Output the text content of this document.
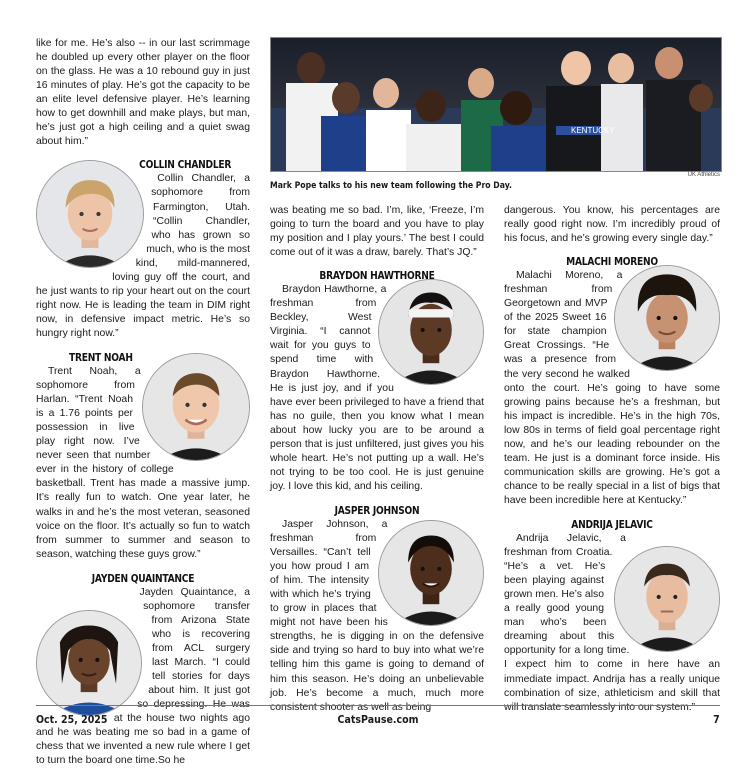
like for me. He’s also -- in our last scrimmage he doubled up every other player on the floor on the glass. He was a 10 rebound guy in just 16 minutes of play. He’s got the capacity to be an elite level defensive player. He’s learning how to get downhill and make plays, but man, he’s just got a high ceiling and a quiet swag about him.”

COLLIN CHANDLER

Collin Chandler, a sophomore from Farmington, Utah. “Collin Chandler, who has grown so much, who is the most kind, mild-mannered, loving guy off the court, and he just wants to rip your heart out on the court right now. He is leading the team in DIM right now, in defensive impact metric. He’s so hungry right now.”

TRENT NOAH

Trent Noah, a sophomore from Harlan. “Trent Noah is a 1.76 points per possession in live play right now. I’ve never seen that number ever in the history of college basketball. Trent has made a massive jump. It’s really fun to watch. One year later, he walks in and he’s the most veteran, seasoned voice on the floor. It’s actually so fun to watch from summer to summer and season to season, watching these guys grow.”

JAYDEN QUAINTANCE

Jayden Quaintance, a sophomore transfer from Arizona State who is recovering from ACL surgery last March. “I could tell stories for days about him. It just got so depressing. He was at the house two nights ago and he was beating me so bad in a game of chess that we invented a new rule where I get to turn the board one time.So he

KENTUCKY
UK Athletics
Mark Pope talks to his new team following the Pro Day.

was beating me so bad. I’m, like, ‘Freeze, I’m going to turn the board and you have to play my position and I play yours.’ The best I could come out of it was a draw, barely. That’s JQ.”

BRAYDON HAWTHORNE

Braydon Hawthorne, a freshman from Beckley, West Virginia. “I cannot wait for you guys to spend time with Braydon Hawthorne. He is just joy, and if you have ever been privileged to have a friend that has no guile, then you know what I mean about how lucky you are to be around a person that is just unfiltered, just gives you his whole heart. He’s not putting up a wall. He’s not trying to be too cool. He is just genuine joy. I love this kid, and his ceiling.

JASPER JOHNSON

Jasper Johnson, a freshman from Versailles. “Can’t tell you how proud I am of him. The intensity with which he’s trying to grow in places that might not have been his strengths, he is digging in on the defensive side and trying so hard to buy into what we’re telling him this game is going to demand of him this season. He’s doing an unbelievable job. He’s become a much, much more consistent shooter as well as being

dangerous. You know, his percentages are really good right now. I’m incredibly proud of his focus, and he’s growing every single day.”

MALACHI MORENO

Malachi Moreno, a freshman from Georgetown and MVP of the 2025 Sweet 16 for state champion Great Crossings. “He was a presence from the very second he walked onto the court. He’s going to have some growing pains because he’s a freshman, but his impact is incredible. He’s in the high 70s, low 80s in terms of field goal percentage right now, and he’s our leading rebounder on the team. He just is a dominant force inside. His communication skills are growing. He’s got a chance to be really special in a list of bigs that have been incredible here at Kentucky.”

ANDRIJA JELAVIC

Andrija Jelavic, a freshman from Croatia. “He’s a vet. He’s been playing against grown men. He’s also a really good young man who’s been dreaming about this opportunity for a long time. I expect him to come in here have an immediate impact. Andrija has a really unique combination of size, athleticism and skill that will translate seamlessly into our system.”

Oct. 25, 2025	CatsPause.com	7
